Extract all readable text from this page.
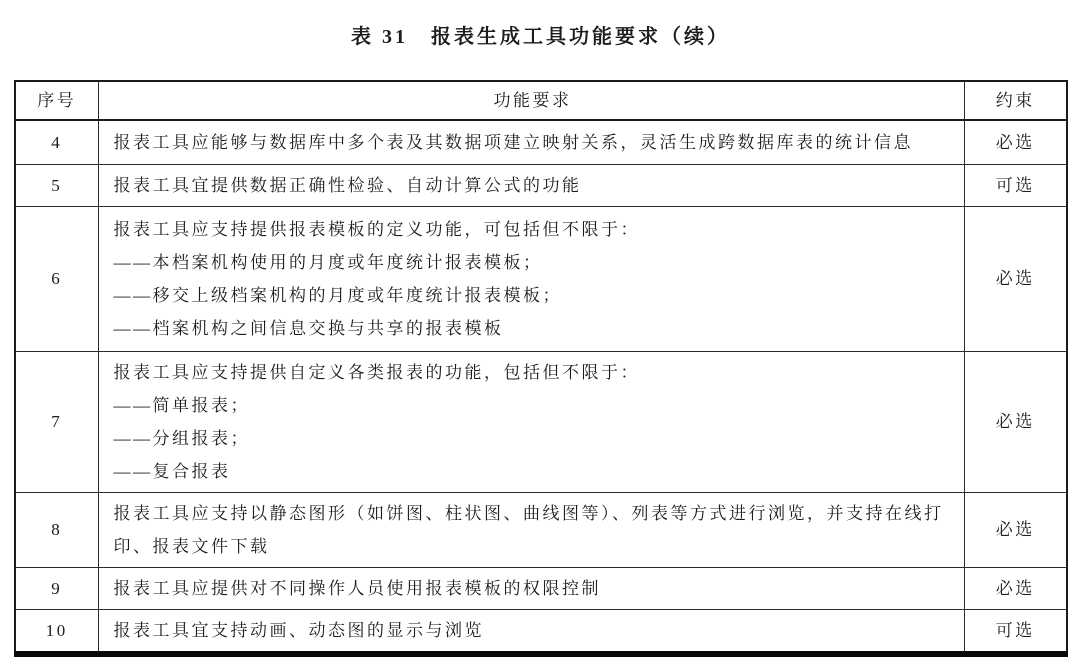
表 31　报表生成工具功能要求（续）
序号	功能要求	约束
4	报表工具应能够与数据库中多个表及其数据项建立映射关系，灵活生成跨数据库表的统计信息	必选
5	报表工具宜提供数据正确性检验、自动计算公式的功能	可选
6	报表工具应支持提供报表模板的定义功能，可包括但不限于：
——本档案机构使用的月度或年度统计报表模板；
——移交上级档案机构的月度或年度统计报表模板；
——档案机构之间信息交换与共享的报表模板	必选
7	报表工具应支持提供自定义各类报表的功能，包括但不限于：
——简单报表；
——分组报表；
——复合报表	必选
8	报表工具应支持以静态图形（如饼图、柱状图、曲线图等）、列表等方式进行浏览，并支持在线打印、报表文件下载	必选
9	报表工具应提供对不同操作人员使用报表模板的权限控制	必选
10	报表工具宜支持动画、动态图的显示与浏览	可选
